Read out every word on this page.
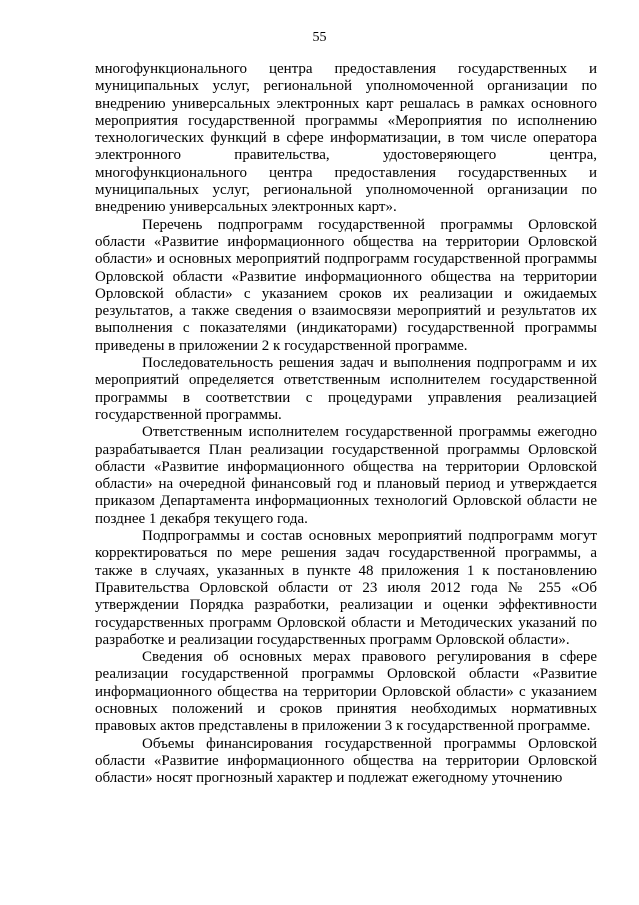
55

многофункционального центра предоставления государственных и муниципальных услуг, региональной уполномоченной организации по внедрению универсальных электронных карт решалась в рамках основного мероприятия государственной программы «Мероприятия по исполнению технологических функций в сфере информатизации, в том числе оператора электронного правительства, удостоверяющего центра, многофункционального центра предоставления государственных и муниципальных услуг, региональной уполномоченной организации по внедрению универсальных электронных карт».

Перечень подпрограмм государственной программы Орловской области «Развитие информационного общества на территории Орловской области» и основных мероприятий подпрограмм государственной программы Орловской области «Развитие информационного общества на территории Орловской области» с указанием сроков их реализации и ожидаемых результатов, а также сведения о взаимосвязи мероприятий и результатов их выполнения с показателями (индикаторами) государственной программы приведены в приложении 2 к государственной программе.

Последовательность решения задач и выполнения подпрограмм и их мероприятий определяется ответственным исполнителем государственной программы в соответствии с процедурами управления реализацией государственной программы.

Ответственным исполнителем государственной программы ежегодно разрабатывается План реализации государственной программы Орловской области «Развитие информационного общества на территории Орловской области» на очередной финансовый год и плановый период и утверждается приказом Департамента информационных технологий Орловской области не позднее 1 декабря текущего года.

Подпрограммы и состав основных мероприятий подпрограмм могут корректироваться по мере решения задач государственной программы, а также в случаях, указанных в пункте 48 приложения 1 к постановлению Правительства Орловской области от 23 июля 2012 года № 255 «Об утверждении Порядка разработки, реализации и оценки эффективности государственных программ Орловской области и Методических указаний по разработке и реализации государственных программ Орловской области».

Сведения об основных мерах правового регулирования в сфере реализации государственной программы Орловской области «Развитие информационного общества на территории Орловской области» с указанием основных положений и сроков принятия необходимых нормативных правовых актов представлены в приложении 3 к государственной программе.

Объемы финансирования государственной программы Орловской области «Развитие информационного общества на территории Орловской области» носят прогнозный характер и подлежат ежегодному уточнению
